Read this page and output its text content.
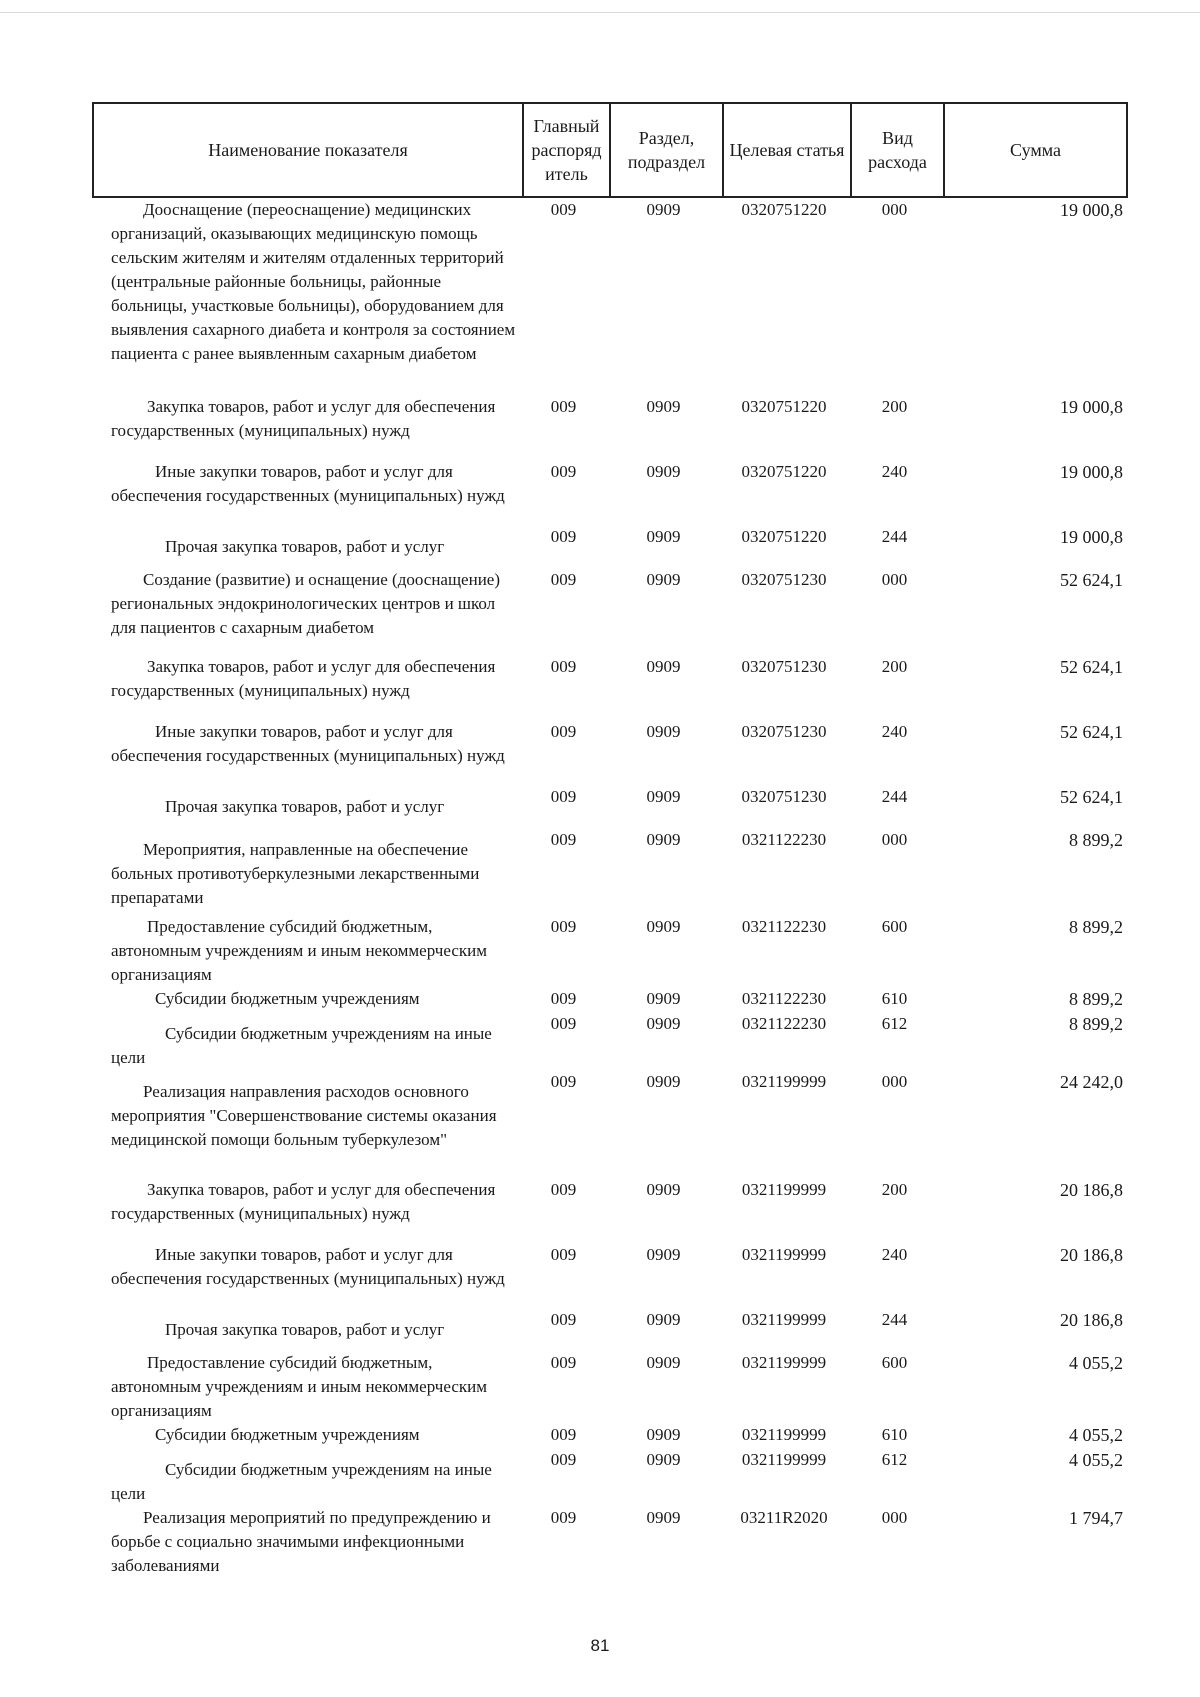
Наименование показателя	Главный распоряд итель	Раздел, подраздел	Целевая статья	Вид расхода	Сумма

Дооснащение (переоснащение) медицинских организаций, оказывающих медицинскую помощь сельским жителям и жителям отдаленных территорий (центральные районные больницы, районные больницы, участковые больницы), оборудованием для выявления сахарного диабета и контроля за состоянием пациента с ранее выявленным сахарным диабетом	009	0909	0320751220	000	19 000,8

Закупка товаров, работ и услуг для обеспечения государственных (муниципальных) нужд	009	0909	0320751220	200	19 000,8

Иные закупки товаров, работ и услуг для обеспечения государственных (муниципальных) нужд	009	0909	0320751220	240	19 000,8

Прочая закупка товаров, работ и услуг	009	0909	0320751220	244	19 000,8

Создание (развитие) и оснащение (дооснащение) региональных эндокринологических центров и школ для пациентов с сахарным диабетом	009	0909	0320751230	000	52 624,1

Закупка товаров, работ и услуг для обеспечения государственных (муниципальных) нужд	009	0909	0320751230	200	52 624,1

Иные закупки товаров, работ и услуг для обеспечения государственных (муниципальных) нужд	009	0909	0320751230	240	52 624,1

Прочая закупка товаров, работ и услуг	009	0909	0320751230	244	52 624,1

Мероприятия, направленные на обеспечение больных противотуберкулезными лекарственными препаратами	009	0909	0321122230	000	8 899,2

Предоставление субсидий бюджетным, автономным учреждениям и иным некоммерческим организациям	009	0909	0321122230	600	8 899,2

Субсидии бюджетным учреждениям	009	0909	0321122230	610	8 899,2

Субсидии бюджетным учреждениям на иные цели	009	0909	0321122230	612	8 899,2

Реализация направления расходов основного мероприятия "Совершенствование системы оказания медицинской помощи больным туберкулезом"	009	0909	0321199999	000	24 242,0

Закупка товаров, работ и услуг для обеспечения государственных (муниципальных) нужд	009	0909	0321199999	200	20 186,8

Иные закупки товаров, работ и услуг для обеспечения государственных (муниципальных) нужд	009	0909	0321199999	240	20 186,8

Прочая закупка товаров, работ и услуг	009	0909	0321199999	244	20 186,8

Предоставление субсидий бюджетным, автономным учреждениям и иным некоммерческим организациям	009	0909	0321199999	600	4 055,2

Субсидии бюджетным учреждениям	009	0909	0321199999	610	4 055,2

Субсидии бюджетным учреждениям на иные цели	009	0909	0321199999	612	4 055,2

Реализация мероприятий по предупреждению и борьбе с социально значимыми инфекционными заболеваниями	009	0909	03211R2020	000	1 794,7
81
